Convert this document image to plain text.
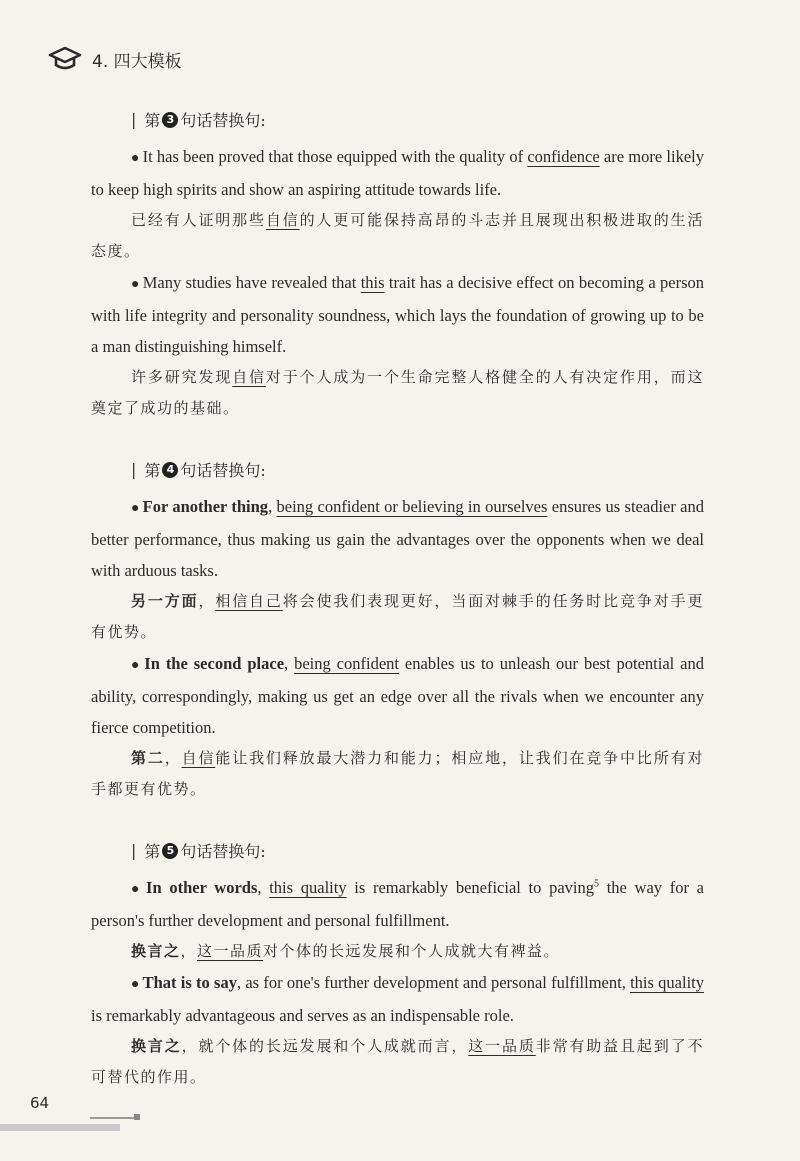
4. 四大模板
| 第 3 句话替换句:

● It has been proved that those equipped with the quality of confidence are more likely to keep high spirits and show an aspiring attitude towards life.

已经有人证明那些自信的人更可能保持高昂的斗志并且展现出积极进取的生活态度。

● Many studies have revealed that this trait has a decisive effect on becoming a person with life integrity and personality soundness, which lays the foundation of growing up to be a man distinguishing himself.

许多研究发现自信对于个人成为一个生命完整人格健全的人有决定作用，而这奠定了成功的基础。

| 第 4 句话替换句:

● For another thing, being confident or believing in ourselves ensures us steadier and better performance, thus making us gain the advantages over the opponents when we deal with arduous tasks.

另一方面，相信自己将会使我们表现更好，当面对棘手的任务时比竞争对手更有优势。

● In the second place, being confident enables us to unleash our best potential and ability, correspondingly, making us get an edge over all the rivals when we encounter any fierce competition.

第二，自信能让我们释放最大潜力和能力；相应地，让我们在竞争中比所有对手都更有优势。

| 第 5 句话替换句:

● In other words, this quality is remarkably beneficial to paving$^5$ the way for a person's further development and personal fulfillment.

换言之，这一品质对个体的长远发展和个人成就大有裨益。

● That is to say, as for one's further development and personal fulfillment, this quality is remarkably advantageous and serves as an indispensable role.

换言之，就个体的长远发展和个人成就而言，这一品质非常有助益且起到了不可替代的作用。

64
